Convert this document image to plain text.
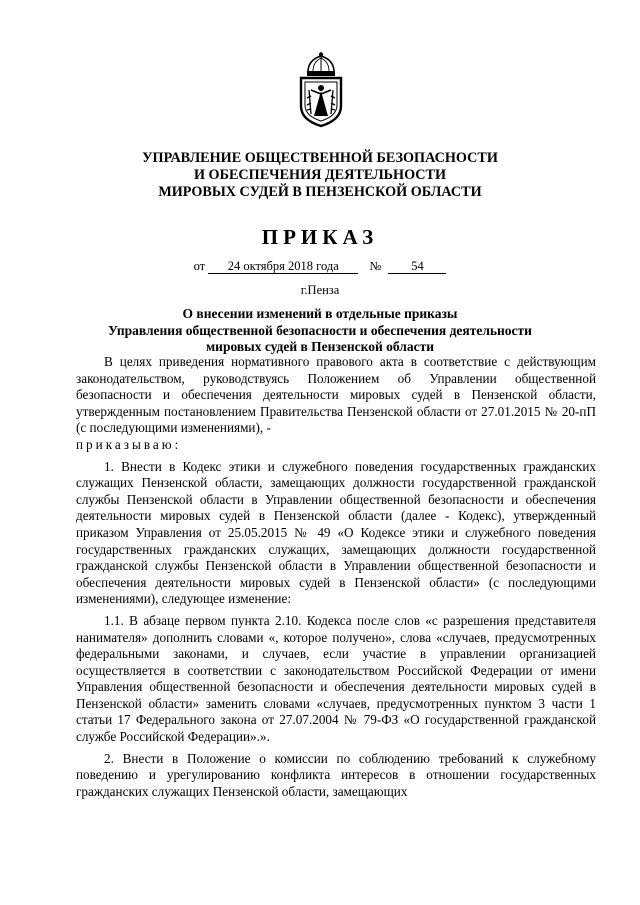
УПРАВЛЕНИЕ ОБЩЕСТВЕННОЙ БЕЗОПАСНОСТИ
И ОБЕСПЕЧЕНИЯ ДЕЯТЕЛЬНОСТИ
МИРОВЫХ СУДЕЙ В ПЕНЗЕНСКОЙ ОБЛАСТИ
ПРИКАЗ
от 24 октября 2018 года № 54
г.Пенза
О внесении изменений в отдельные приказы
Управления общественной безопасности и обеспечения деятельности
мировых судей в Пензенской области

В целях приведения нормативного правового акта в соответствие с действующим законодательством, руководствуясь Положением об Управлении общественной безопасности и обеспечения деятельности мировых судей в Пензенской области, утвержденным постановлением Правительства Пензенской области от 27.01.2015 № 20-пП (с последующими изменениями), -

приказываю:

1. Внести в Кодекс этики и служебного поведения государственных гражданских служащих Пензенской области, замещающих должности государственной гражданской службы Пензенской области в Управлении общественной безопасности и обеспечения деятельности мировых судей в Пензенской области (далее - Кодекс), утвержденный приказом Управления от 25.05.2015 № 49 «О Кодексе этики и служебного поведения государственных гражданских служащих, замещающих должности государственной гражданской службы Пензенской области в Управлении общественной безопасности и обеспечения деятельности мировых судей в Пензенской области» (с последующими изменениями), следующее изменение:

1.1. В абзаце первом пункта 2.10. Кодекса после слов «с разрешения представителя нанимателя» дополнить словами «, которое получено», слова «случаев, предусмотренных федеральными законами, и случаев, если участие в управлении организацией осуществляется в соответствии с законодательством Российской Федерации от имени Управления общественной безопасности и обеспечения деятельности мировых судей в Пензенской области» заменить словами «случаев, предусмотренных пунктом 3 части 1 статьи 17 Федерального закона от 27.07.2004 № 79-ФЗ «О государственной гражданской службе Российской Федерации».».

2. Внести в Положение о комиссии по соблюдению требований к служебному поведению и урегулированию конфликта интересов в отношении государственных гражданских служащих Пензенской области, замещающих
